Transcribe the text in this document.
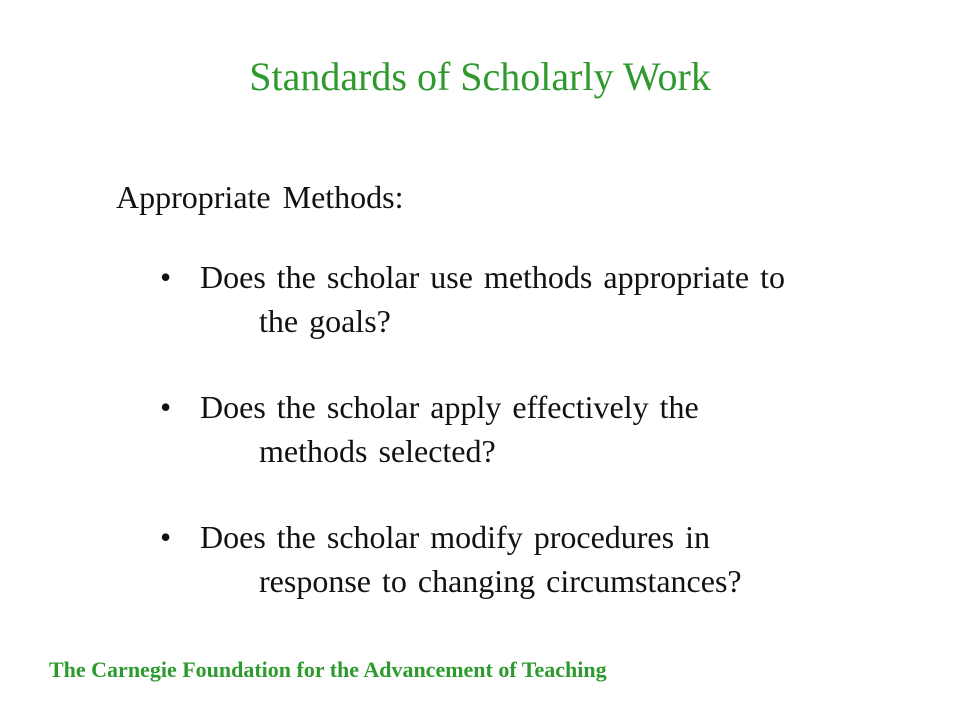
Standards of Scholarly Work

Appropriate Methods:

• Does the scholar use methods appropriate to
the goals?
• Does the scholar apply effectively the
methods selected?
• Does the scholar modify procedures in
response to changing circumstances?

The Carnegie Foundation for the Advancement of Teaching
